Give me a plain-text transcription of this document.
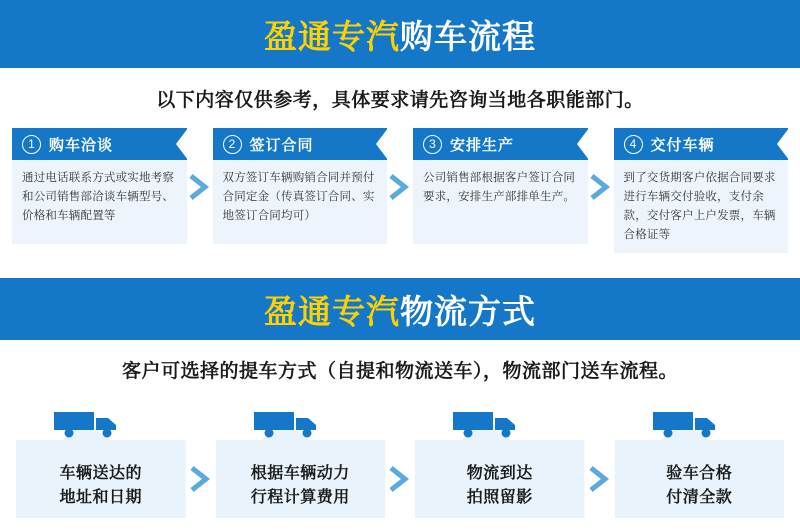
盈通专汽购车流程
以下内容仅供参考，具体要求请先咨询当地各职能部门。
1 购车洽谈
通过电话联系方式或实地考察和公司销售部洽谈车辆型号、价格和车辆配置等
2 签订合同
双方签订车辆购销合同并预付合同定金（传真签订合同、实地签订合同均可）
3 安排生产
公司销售部根据客户签订合同要求，安排生产部排单生产。
4 交付车辆
到了交货期客户依据合同要求进行车辆交付验收，支付余款，交付客户上户发票，车辆合格证等
盈通专汽物流方式
客户可选择的提车方式（自提和物流送车），物流部门送车流程。
车辆送达的
地址和日期
根据车辆动力
行程计算费用
物流到达
拍照留影
验车合格
付清全款
